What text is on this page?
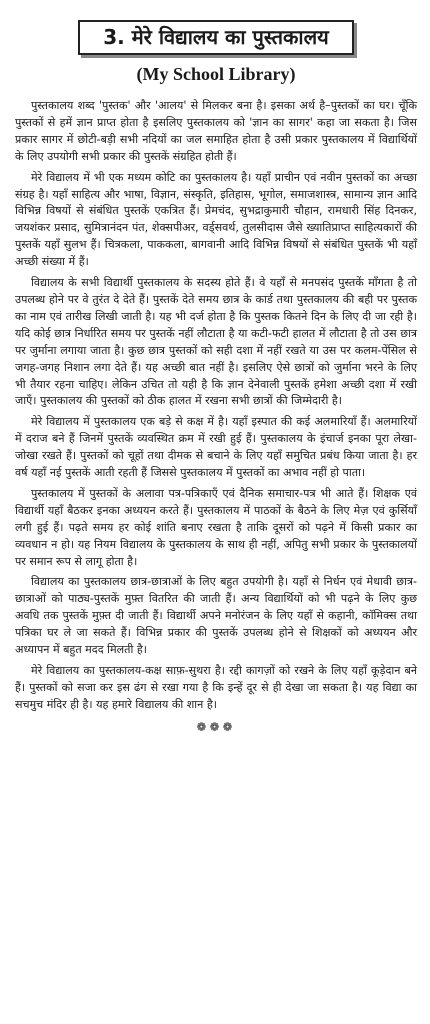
3. मेरे विद्यालय का पुस्तकालय
(My School Library)

पुस्तकालय शब्द 'पुस्तक' और 'आलय' से मिलकर बना है। इसका अर्थ है–पुस्तकों का घर। चूँकि पुस्तकों से हमें ज्ञान प्राप्त होता है इसलिए पुस्तकालय को 'ज्ञान का सागर' कहा जा सकता है। जिस प्रकार सागर में छोटी-बड़ी सभी नदियों का जल समाहित होता है उसी प्रकार पुस्तकालय में विद्यार्थियों के लिए उपयोगी सभी प्रकार की पुस्तकें संग्रहित होती हैं।

मेरे विद्यालय में भी एक मध्यम कोटि का पुस्तकालय है। यहाँ प्राचीन एवं नवीन पुस्तकों का अच्छा संग्रह है। यहाँ साहित्य और भाषा, विज्ञान, संस्कृति, इतिहास, भूगोल, समाजशास्त्र, सामान्य ज्ञान आदि विभिन्न विषयों से संबंधित पुस्तकें एकत्रित हैं। प्रेमचंद, सुभद्राकुमारी चौहान, रामधारी सिंह दिनकर, जयशंकर प्रसाद, सुमित्रानंदन पंत, शेक्सपीअर, वर्ड्सवर्थ, तुलसीदास जैसे ख्यातिप्राप्त साहित्यकारों की पुस्तकें यहाँ सुलभ हैं। चित्रकला, पाककला, बागवानी आदि विभिन्न विषयों से संबंधित पुस्तकें भी यहाँ अच्छी संख्या में हैं।

विद्यालय के सभी विद्यार्थी पुस्तकालय के सदस्य होते हैं। वे यहाँ से मनपसंद पुस्तकें माँगता है तो उपलब्ध होने पर वे तुरंत दे देते हैं। पुस्तकें देते समय छात्र के कार्ड तथा पुस्तकालय की बही पर पुस्तक का नाम एवं तारीख लिखी जाती है। यह भी दर्ज होता है कि पुस्तक कितने दिन के लिए दी जा रही है। यदि कोई छात्र निर्धारित समय पर पुस्तकें नहीं लौटाता है या कटी-फटी हालत में लौटाता है तो उस छात्र पर जुर्माना लगाया जाता है। कुछ छात्र पुस्तकों को सही दशा में नहीं रखते या उस पर कलम-पेंसिल से जगह-जगह निशान लगा देते हैं। यह अच्छी बात नहीं है। इसलिए ऐसे छात्रों को जुर्माना भरने के लिए भी तैयार रहना चाहिए। लेकिन उचित तो यही है कि ज्ञान देनेवाली पुस्तकें हमेशा अच्छी दशा में रखी जाएँ। पुस्तकालय की पुस्तकों को ठीक हालत में रखना सभी छात्रों की जिम्मेदारी है।

मेरे विद्यालय में पुस्तकालय एक बड़े से कक्ष में है। यहाँ इस्पात की कई अलमारियाँ हैं। अलमारियों में दराज बने हैं जिनमें पुस्तकें व्यवस्थित क्रम में रखी हुई हैं। पुस्तकालय के इंचार्ज इनका पूरा लेखा-जोखा रखते हैं। पुस्तकों को चूहों तथा दीमक से बचाने के लिए यहाँ समुचित प्रबंध किया जाता है। हर वर्ष यहाँ नई पुस्तकें आती रहती हैं जिससे पुस्तकालय में पुस्तकों का अभाव नहीं हो पाता।

पुस्तकालय में पुस्तकों के अलावा पत्र-पत्रिकाएँ एवं दैनिक समाचार-पत्र भी आते हैं। शिक्षक एवं विद्यार्थी यहाँ बैठकर इनका अध्ययन करते हैं। पुस्तकालय में पाठकों के बैठने के लिए मेज़ एवं कुर्सियाँ लगी हुई हैं। पढ़ते समय हर कोई शांति बनाए रखता है ताकि दूसरों को पढ़ने में किसी प्रकार का व्यवधान न हो। यह नियम विद्यालय के पुस्तकालय के साथ ही नहीं, अपितु सभी प्रकार के पुस्तकालयों पर समान रूप से लागू होता है।

विद्यालय का पुस्तकालय छात्र-छात्राओं के लिए बहुत उपयोगी है। यहाँ से निर्धन एवं मेधावी छात्र-छात्राओं को पाठ्य-पुस्तकें मुफ़्त वितरित की जाती हैं। अन्य विद्यार्थियों को भी पढ़ने के लिए कुछ अवधि तक पुस्तकें मुफ़्त दी जाती हैं। विद्यार्थी अपने मनोरंजन के लिए यहाँ से कहानी, कॉमिक्स तथा पत्रिका घर ले जा सकते हैं। विभिन्न प्रकार की पुस्तकें उपलब्ध होने से शिक्षकों को अध्ययन और अध्यापन में बहुत मदद मिलती है।

मेरे विद्यालय का पुस्तकालय-कक्ष साफ़-सुथरा है। रद्दी कागज़ों को रखने के लिए यहाँ कूड़ेदान बने हैं। पुस्तकों को सजा कर इस ढंग से रखा गया है कि इन्हें दूर से ही देखा जा सकता है। यह विद्या का सचमुच मंदिर ही है। यह हमारे विद्यालय की शान है।

❁❁❁
